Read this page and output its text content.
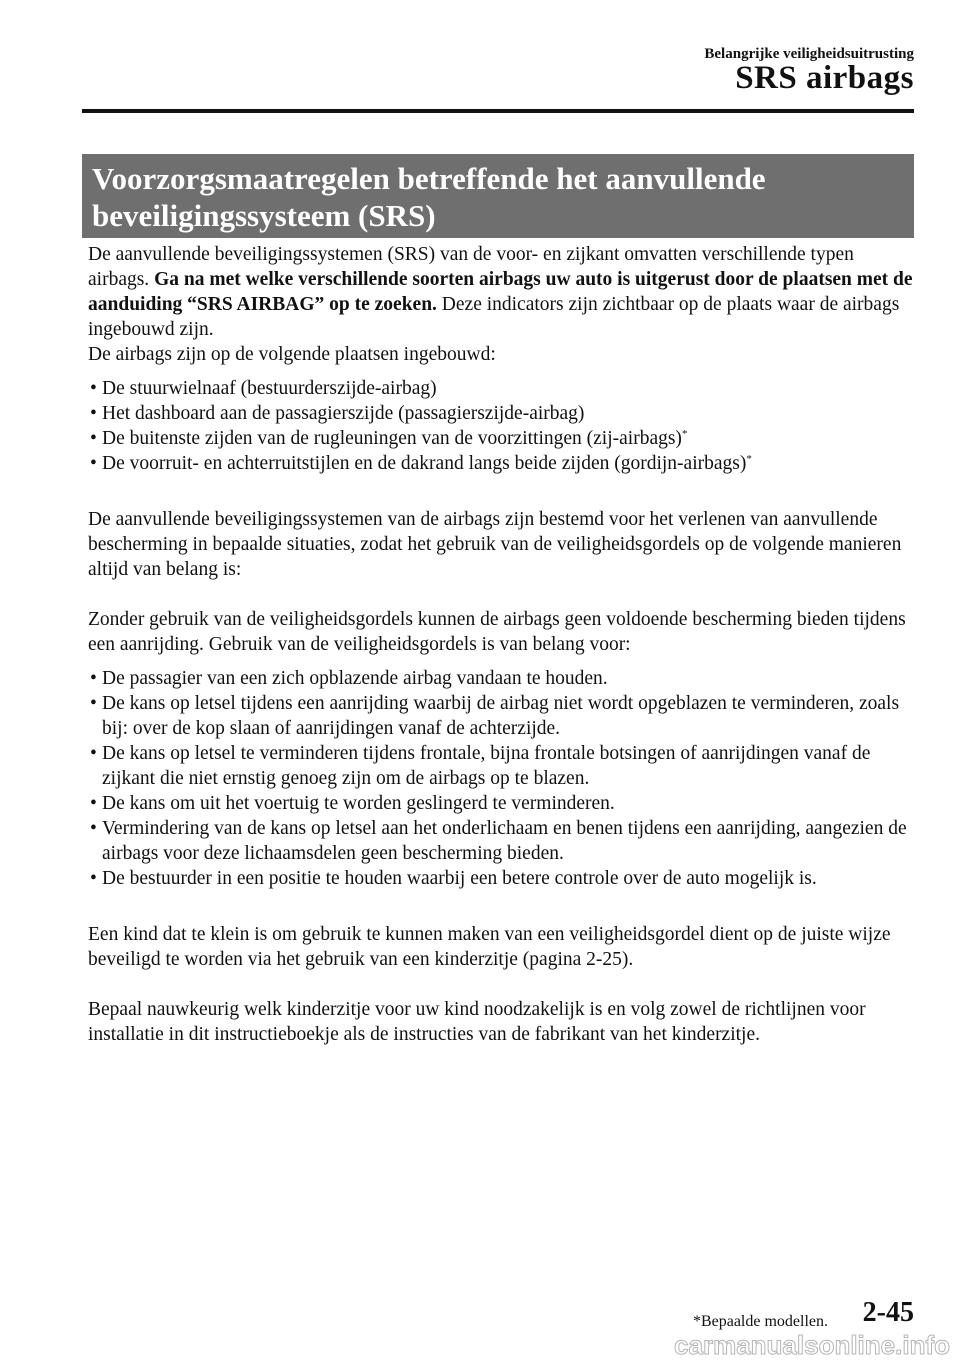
Belangrijke veiligheidsuitrusting
SRS airbags
Voorzorgsmaatregelen betreffende het aanvullende
beveiligingssysteem (SRS)

De aanvullende beveiligingssystemen (SRS) van de voor- en zijkant omvatten verschillende typen airbags. Ga na met welke verschillende soorten airbags uw auto is uitgerust door de plaatsen met de aanduiding “SRS AIRBAG” op te zoeken. Deze indicators zijn zichtbaar op de plaats waar de airbags ingebouwd zijn.

De airbags zijn op de volgende plaatsen ingebouwd:

• De stuurwielnaaf (bestuurderszijde-airbag)
• Het dashboard aan de passagierszijde (passagierszijde-airbag)
• De buitenste zijden van de rugleuningen van de voorzittingen (zij-airbags)*
• De voorruit- en achterruitstijlen en de dakrand langs beide zijden (gordijn-airbags)*

De aanvullende beveiligingssystemen van de airbags zijn bestemd voor het verlenen van aanvullende bescherming in bepaalde situaties, zodat het gebruik van de veiligheidsgordels op de volgende manieren altijd van belang is:

Zonder gebruik van de veiligheidsgordels kunnen de airbags geen voldoende bescherming bieden tijdens een aanrijding. Gebruik van de veiligheidsgordels is van belang voor:

• De passagier van een zich opblazende airbag vandaan te houden.
• De kans op letsel tijdens een aanrijding waarbij de airbag niet wordt opgeblazen te verminderen, zoals bij: over de kop slaan of aanrijdingen vanaf de achterzijde.
• De kans op letsel te verminderen tijdens frontale, bijna frontale botsingen of aanrijdingen vanaf de zijkant die niet ernstig genoeg zijn om de airbags op te blazen.
• De kans om uit het voertuig te worden geslingerd te verminderen.
• Vermindering van de kans op letsel aan het onderlichaam en benen tijdens een aanrijding, aangezien de airbags voor deze lichaamsdelen geen bescherming bieden.
• De bestuurder in een positie te houden waarbij een betere controle over de auto mogelijk is.

Een kind dat te klein is om gebruik te kunnen maken van een veiligheidsgordel dient op de juiste wijze beveiligd te worden via het gebruik van een kinderzitje (pagina 2-25).

Bepaal nauwkeurig welk kinderzitje voor uw kind noodzakelijk is en volg zowel de richtlijnen voor installatie in dit instructieboekje als de instructies van de fabrikant van het kinderzitje.

*Bepaalde modellen. 2-45
carmanualsonline.info
